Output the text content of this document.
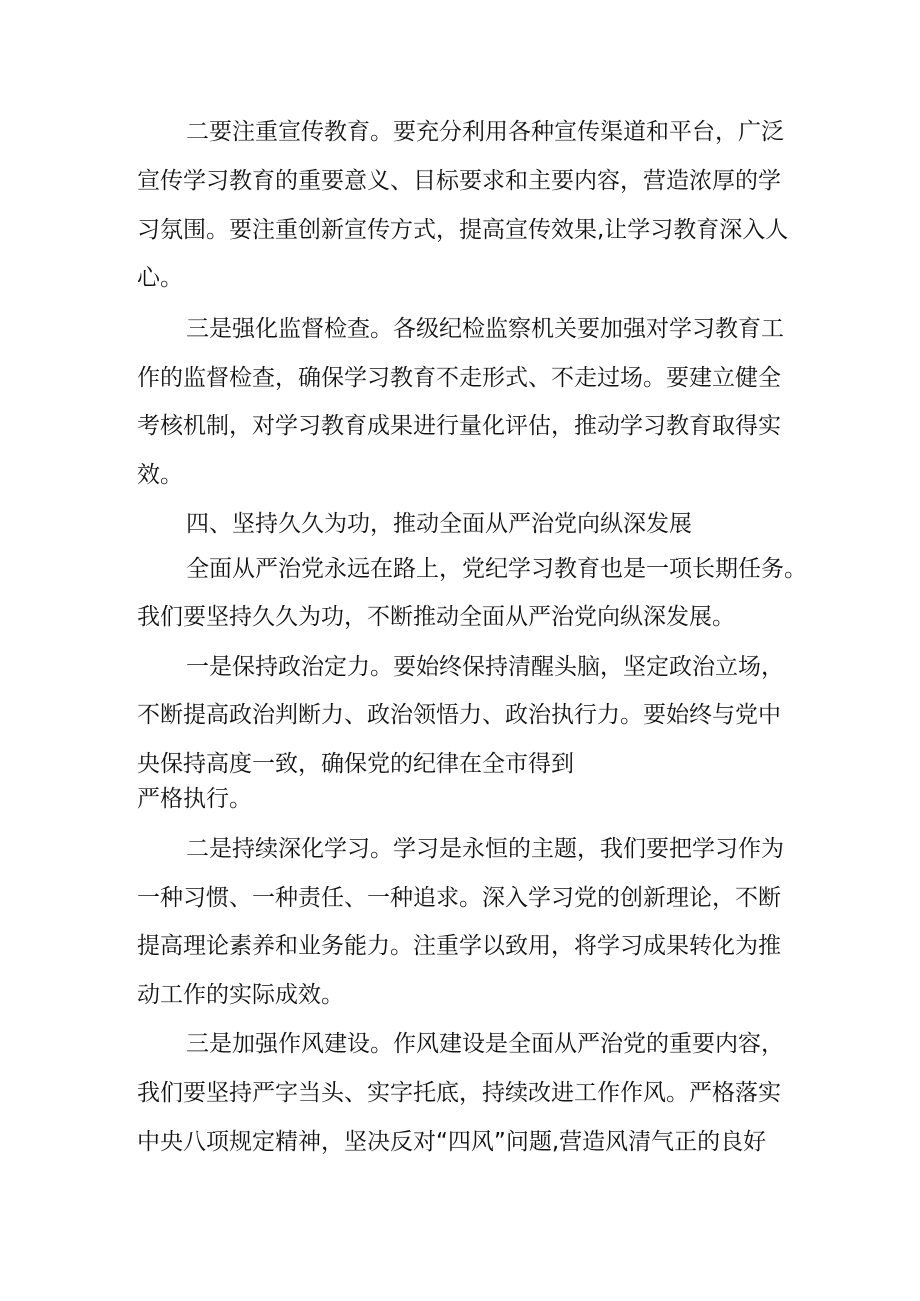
二要注重宣传教育。要充分利用各种宣传渠道和平台，广泛
宣传学习教育的重要意义、目标要求和主要内容，营造浓厚的学
习氛围。要注重创新宣传方式，提高宣传效果,让学习教育深入人
心。
三是强化监督检查。各级纪检监察机关要加强对学习教育工
作的监督检查，确保学习教育不走形式、不走过场。要建立健全
考核机制，对学习教育成果进行量化评估，推动学习教育取得实
效。
四、坚持久久为功，推动全面从严治党向纵深发展
全面从严治党永远在路上，党纪学习教育也是一项长期任务。
我们要坚持久久为功，不断推动全面从严治党向纵深发展。
一是保持政治定力。要始终保持清醒头脑，坚定政治立场，
不断提高政治判断力、政治领悟力、政治执行力。要始终与党中
央保持高度一致，确保党的纪律在全市得到
严格执行。
二是持续深化学习。学习是永恒的主题，我们要把学习作为
一种习惯、一种责任、一种追求。深入学习党的创新理论，不断
提高理论素养和业务能力。注重学以致用，将学习成果转化为推
动工作的实际成效。
三是加强作风建设。作风建设是全面从严治党的重要内容，
我们要坚持严字当头、实字托底，持续改进工作作风。严格落实
中央八项规定精神，坚决反对“四风”问题,营造风清气正的良好
